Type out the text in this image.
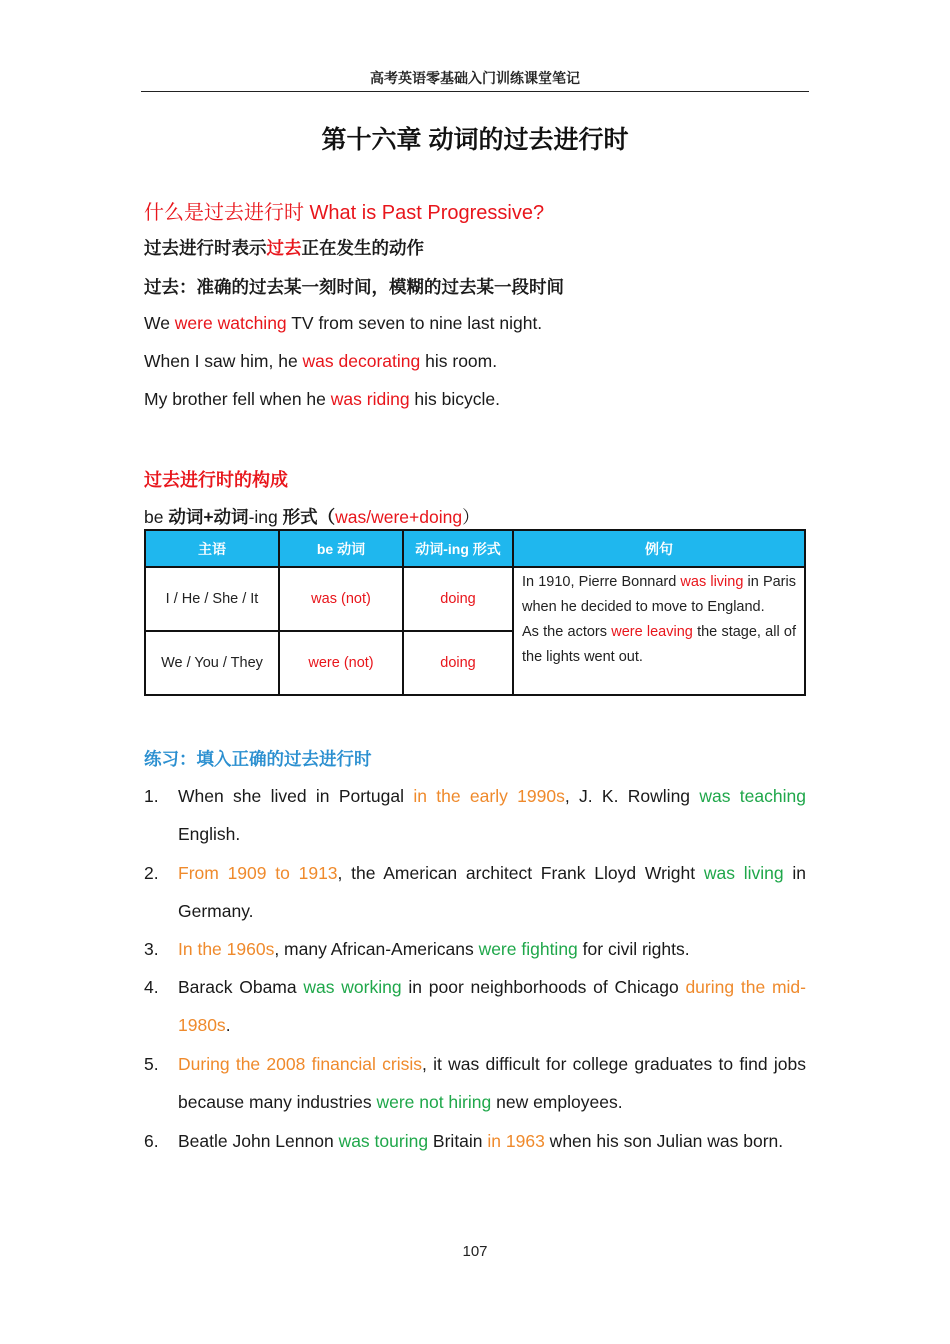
高考英语零基础入门训练课堂笔记
第十六章 动词的过去进行时
什么是过去进行时 What is Past Progressive?
过去进行时表示过去正在发生的动作
过去：准确的过去某一刻时间，模糊的过去某一段时间
We were watching TV from seven to nine last night.
When I saw him, he was decorating his room.
My brother fell when he was riding his bicycle.
过去进行时的构成
be 动词+动词-ing 形式（was/were+doing）
主语	be 动词	动词-ing 形式	例句
I / He / She / It	was (not)	doing	In 1910, Pierre Bonnard was living in Paris when he decided to move to England.
As the actors were leaving the stage, all of the lights went out.

We / You / They	were (not)	doing	
练习：填入正确的过去进行时
1.	When she lived in Portugal in the early 1990s, J. K. Rowling was teaching English.
2.	From 1909 to 1913, the American architect Frank Lloyd Wright was living in Germany.
3.	In the 1960s, many African-Americans were fighting for civil rights.
4.	Barack Obama was working in poor neighborhoods of Chicago during the mid-1980s.
5.	During the 2008 financial crisis, it was difficult for college graduates to find jobs because many industries were not hiring new employees.
6.	Beatle John Lennon was touring Britain in 1963 when his son Julian was born.
107
